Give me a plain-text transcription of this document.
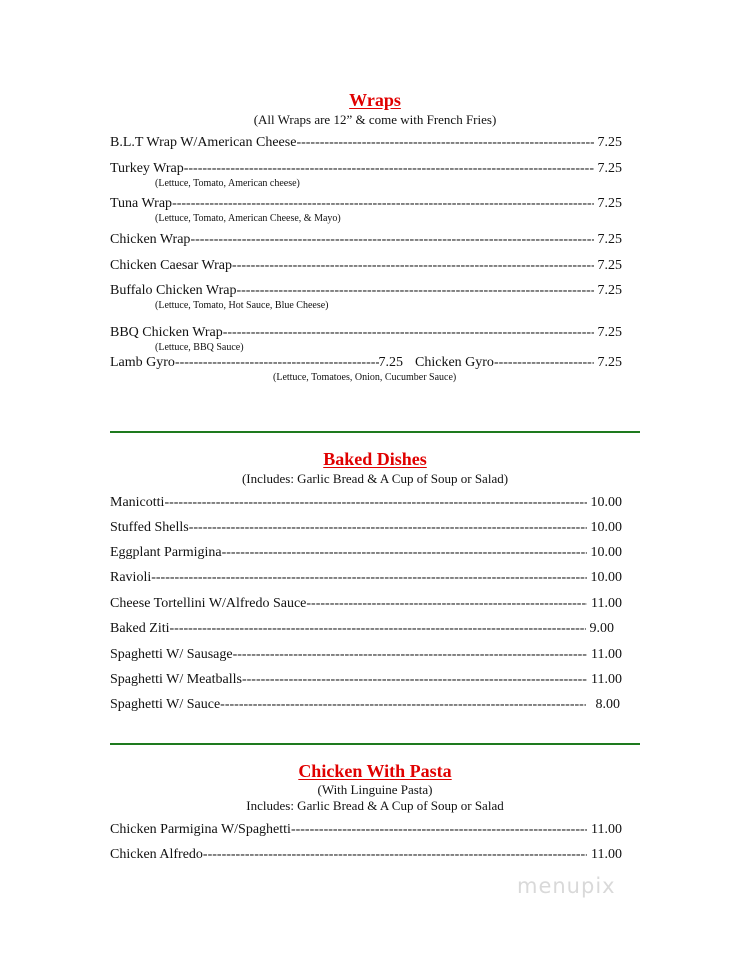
Wraps
(All Wraps are 12” & come with French Fries)
B.L.T Wrap W/American Cheese -----	7.25
Turkey Wrap -----	7.25
(Lettuce, Tomato, American cheese)
Tuna Wrap -----	7.25
(Lettuce, Tomato, American Cheese, & Mayo)
Chicken Wrap -----	7.25
Chicken Caesar Wrap -----	7.25
Buffalo Chicken Wrap -----	7.25
(Lettuce, Tomato, Hot Sauce, Blue Cheese)
BBQ Chicken Wrap -----	7.25
(Lettuce, BBQ Sauce)
Lamb Gyro -----	7.25 Chicken Gyro -----	7.25
(Lettuce, Tomatoes, Onion, Cucumber Sauce)
Baked Dishes
(Includes: Garlic Bread & A Cup of Soup or Salad)
Manicotti -----	10.00
Stuffed Shells -----	10.00
Eggplant Parmigina -----	10.00
Ravioli -----	10.00
Cheese Tortellini W/Alfredo Sauce -----	11.00
Baked Ziti -----	9.00
Spaghetti W/ Sausage -----	11.00
Spaghetti W/ Meatballs -----	11.00
Spaghetti W/ Sauce -----	8.00
Chicken With Pasta
(With Linguine Pasta)
Includes: Garlic Bread & A Cup of Soup or Salad
Chicken Parmigina W/Spaghetti -----	11.00
Chicken Alfredo -----	11.00
menupix
